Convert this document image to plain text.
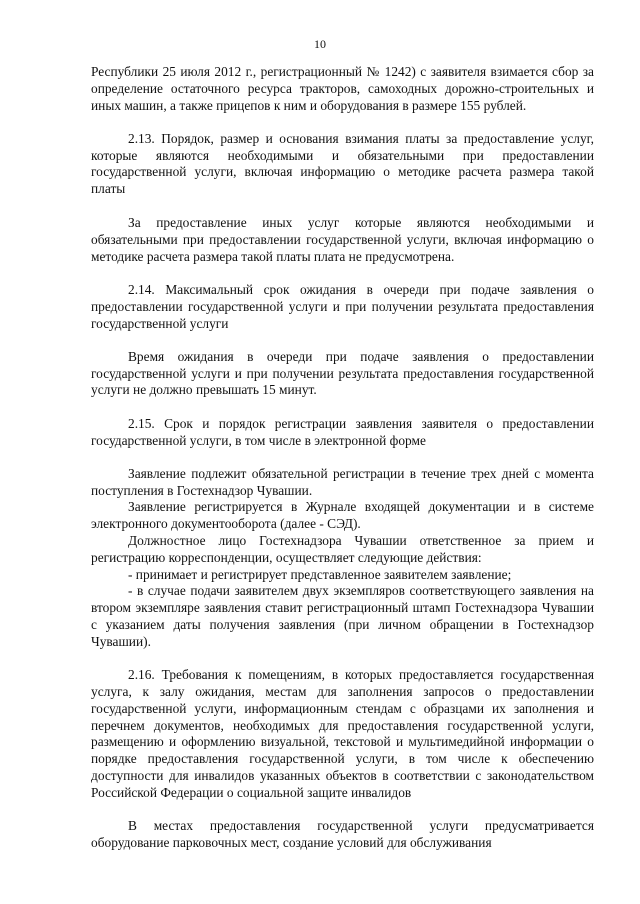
10

Республики 25 июля 2012 г., регистрационный № 1242) с заявителя взимается сбор за определение остаточного ресурса тракторов, самоходных дорожно-строительных и иных машин, а также прицепов к ним и оборудования в размере 155 рублей.

2.13. Порядок, размер и основания взимания платы за предоставление услуг, которые являются необходимыми и обязательными при предоставлении государственной услуги, включая информацию о методике расчета размера такой платы

За предоставление иных услуг которые являются необходимыми и обязательными при предоставлении государственной услуги, включая информацию о методике расчета размера такой платы плата не предусмотрена.

2.14. Максимальный срок ожидания в очереди при подаче заявления о предоставлении государственной услуги и при получении результата предоставления государственной услуги

Время ожидания в очереди при подаче заявления о предоставлении государственной услуги и при получении результата предоставления государственной услуги не должно превышать 15 минут.

2.15. Срок и порядок регистрации заявления заявителя о предоставлении государственной услуги, в том числе в электронной форме

Заявление подлежит обязательной регистрации в течение трех дней с момента поступления в Гостехнадзор Чувашии.

Заявление регистрируется в Журнале входящей документации и в системе электронного документооборота (далее - СЭД).

Должностное лицо Гостехнадзора Чувашии ответственное за прием и регистрацию корреспонденции, осуществляет следующие действия:

- принимает и регистрирует представленное заявителем заявление;

- в случае подачи заявителем двух экземпляров соответствующего заявления на втором экземпляре заявления ставит регистрационный штамп Гостехнадзора Чувашии с указанием даты получения заявления (при личном обращении в Гостехнадзор Чувашии).

2.16. Требования к помещениям, в которых предоставляется государственная услуга, к залу ожидания, местам для заполнения запросов о предоставлении государственной услуги, информационным стендам с образцами их заполнения и перечнем документов, необходимых для предоставления государственной услуги, размещению и оформлению визуальной, текстовой и мультимедийной информации о порядке предоставления государственной услуги, в том числе к обеспечению доступности для инвалидов указанных объектов в соответствии с законодательством Российской Федерации о социальной защите инвалидов

В местах предоставления государственной услуги предусматривается оборудование парковочных мест, создание условий для обслуживания
